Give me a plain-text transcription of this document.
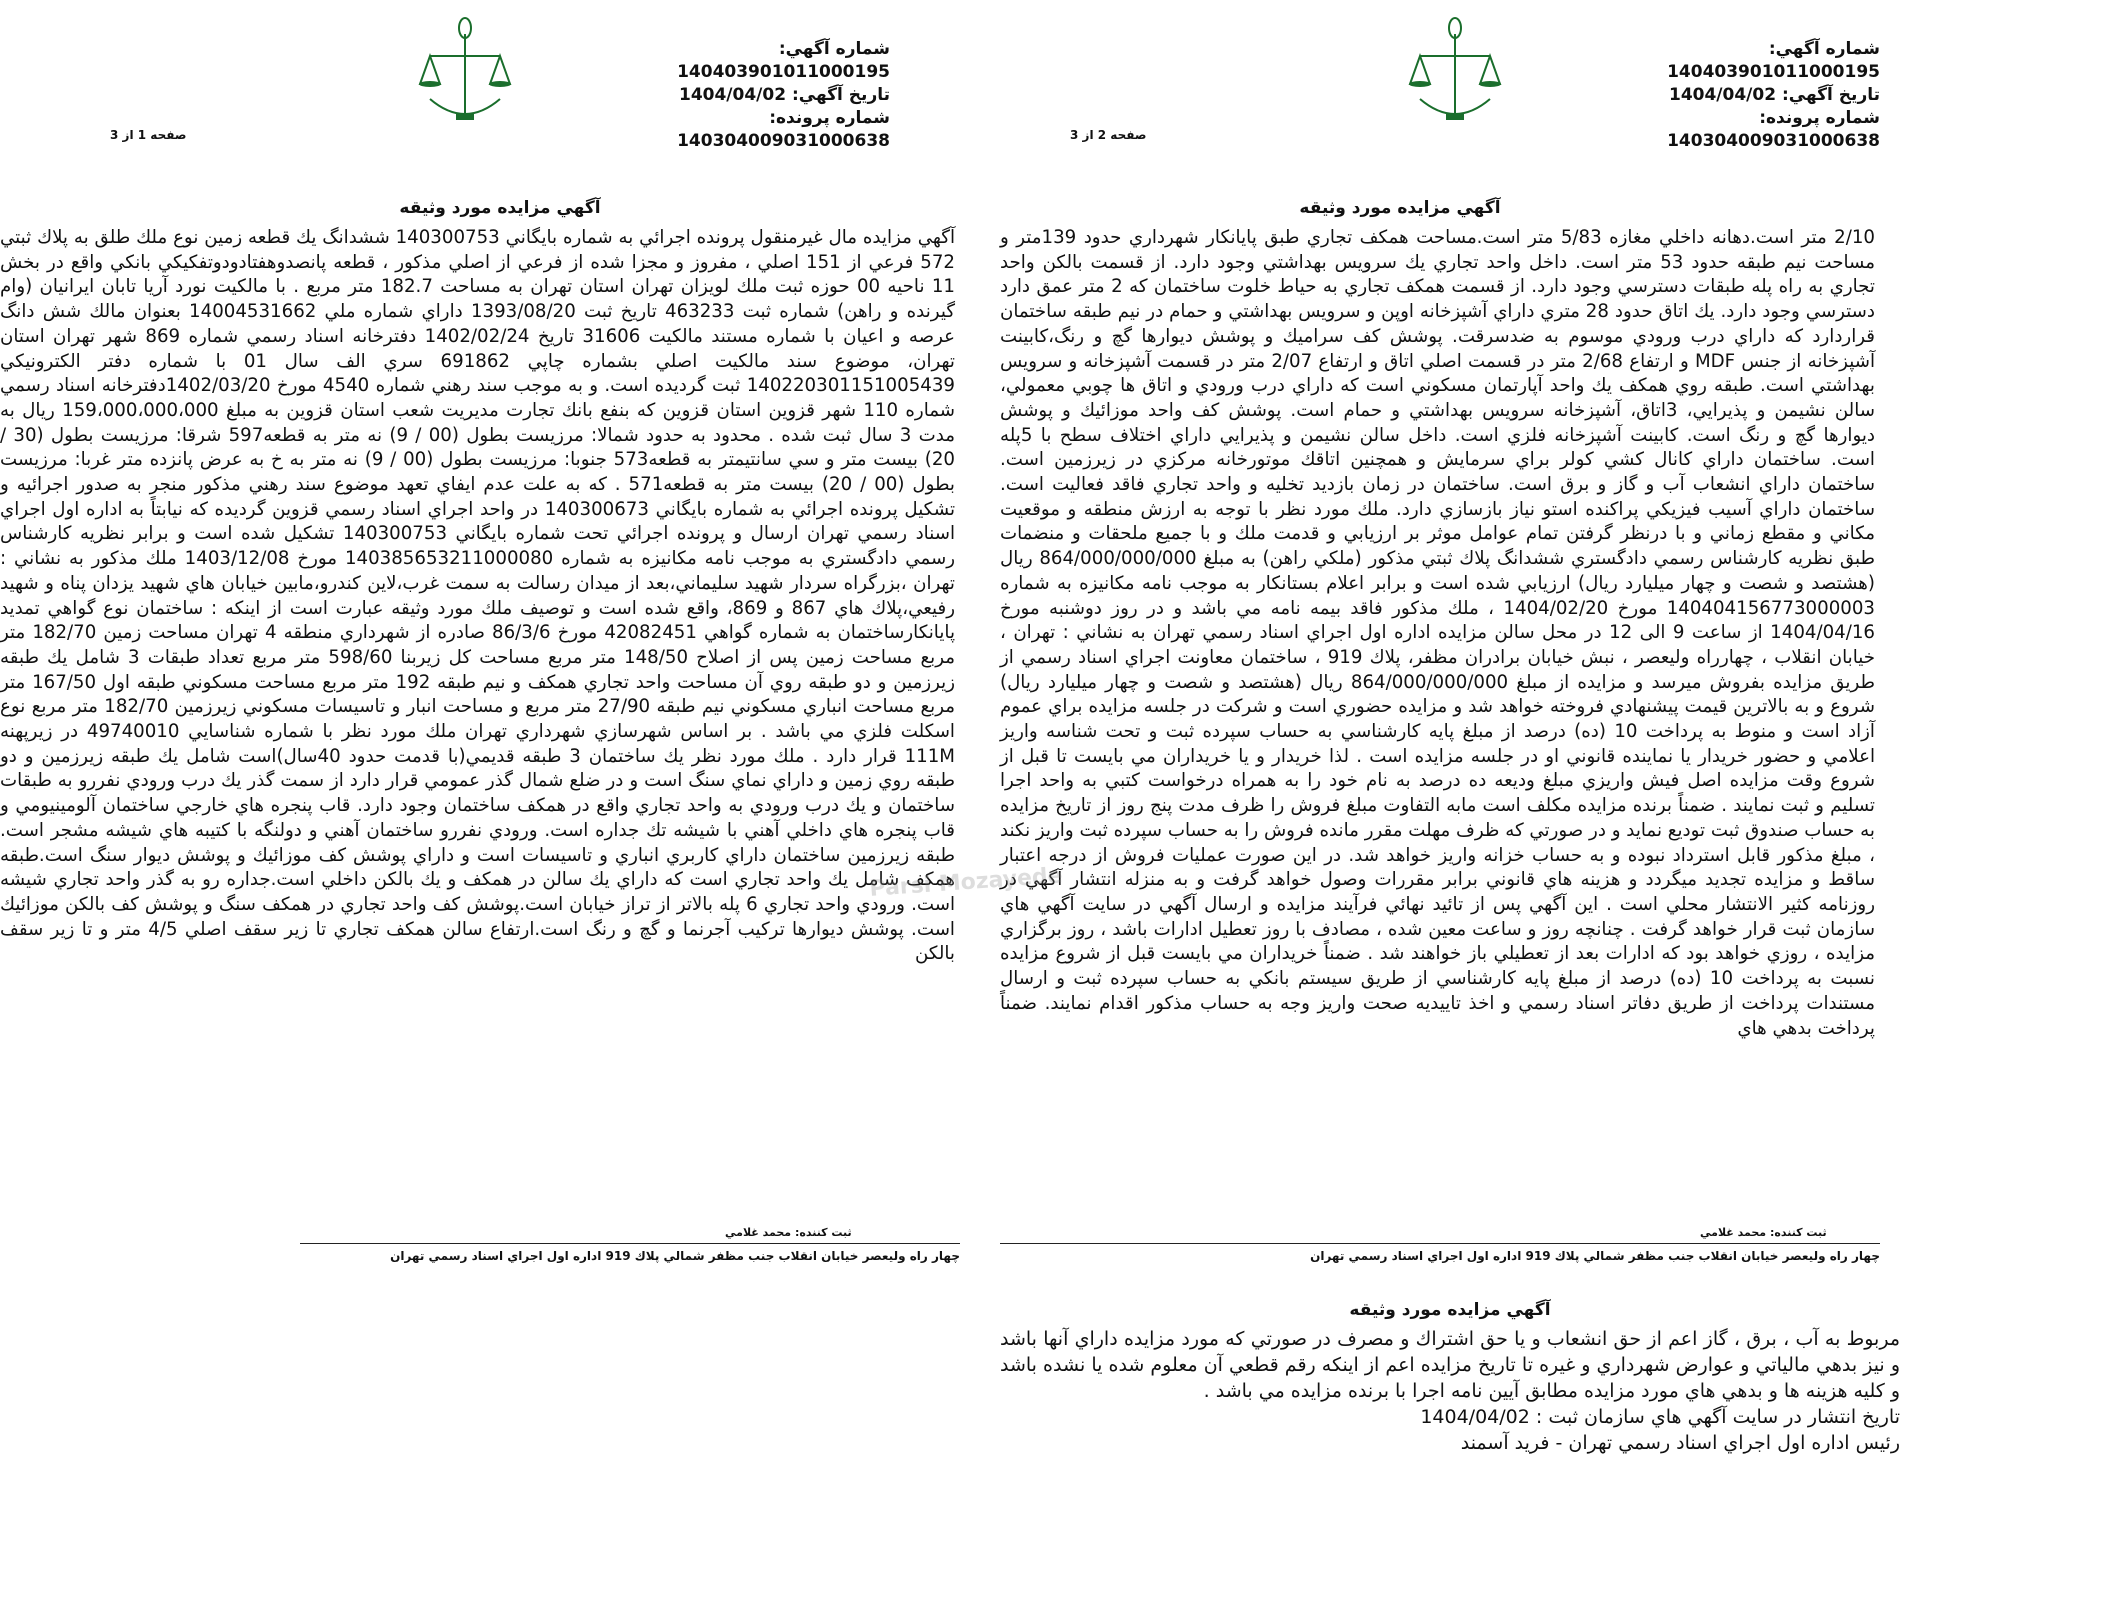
شماره آگهي: 140403901011000195
تاريخ آگهي: 1404/04/02
شماره پرونده: 140304009031000638
صفحه 1 از 3
آگهي مزايده مورد وثيقه
آگهي مزايده مال غيرمنقول پرونده اجرائي به شماره بايگاني 140300753 ششدانگ يك قطعه زمين نوع ملك طلق به پلاك ثبتي 572 فرعي از 151 اصلي ، مفروز و مجزا شده از فرعي از اصلي مذكور ، قطعه پانصدوهفتادودوتفكيكي بانكي واقع در بخش 11 ناحيه 00 حوزه ثبت ملك لويزان تهران استان تهران به مساحت 182.7 متر مربع . با مالكيت نورد آريا تابان ايرانيان (وام گيرنده و راهن) شماره ثبت 463233 تاريخ ثبت 1393/08/20 داراي شماره ملي 14004531662 بعنوان مالك شش دانگ عرصه و اعيان با شماره مستند مالكيت 31606 تاريخ 1402/02/24 دفترخانه اسناد رسمي شماره 869 شهر تهران استان تهران، موضوع سند مالكيت اصلي بشماره چاپي 691862 سري الف سال 01 با شماره دفتر الكترونيكي 140220301151005439 ثبت گرديده است. و به موجب سند رهني شماره 4540 مورخ 1402/03/20دفترخانه اسناد رسمي شماره 110 شهر قزوين استان قزوين كه بنفع بانك تجارت مديريت شعب استان قزوين به مبلغ 159،000،000،000 ريال به مدت 3 سال ثبت شده . محدود به حدود شمالا: مرزيست بطول (00 / 9) نه متر به قطعه597 شرقا: مرزيست بطول (30 / 20) بيست متر و سي سانتيمتر به قطعه573 جنوبا: مرزيست بطول (00 / 9) نه متر به خ به عرض پانزده متر غربا: مرزيست بطول (00 / 20) بيست متر به قطعه571 . كه به علت عدم ايفاي تعهد موضوع سند رهني مذكور منجر به صدور اجرائيه و تشكيل پرونده اجرائي به شماره بايگاني 140300673 در واحد اجراي اسناد رسمي قزوين گرديده كه نيابتاً به اداره اول اجراي اسناد رسمي تهران ارسال و پرونده اجرائي تحت شماره بايگاني 140300753 تشكيل شده است و برابر نظريه كارشناس رسمي دادگستري به موجب نامه مكانيزه به شماره 140385653211000080 مورخ 1403/12/08 ملك مذكور به نشاني : تهران ،بزرگراه سردار شهيد سليماني،بعد از ميدان رسالت به سمت غرب،لاين كندرو،مابين خيابان هاي شهيد يزدان پناه و شهيد رفيعي،پلاك هاي 867 و 869، واقع شده است و توصيف ملك مورد وثيقه عبارت است از اينكه : ساختمان نوع گواهي تمديد پايانكارساختمان به شماره گواهي 42082451 مورخ 86/3/6 صادره از شهرداري منطقه 4 تهران مساحت زمين 182/70 متر مربع مساحت زمين پس از اصلاح 148/50 متر مربع مساحت كل زيربنا 598/60 متر مربع تعداد طبقات 3 شامل يك طبقه زيرزمين و دو طبقه روي آن مساحت واحد تجاري همكف و نيم طبقه 192 متر مربع مساحت مسكوني طبقه اول 167/50 متر مربع مساحت انباري مسكوني نيم طبقه 27/90 متر مربع و مساحت انبار و تاسيسات مسكوني زيرزمين 182/70 متر مربع نوع اسكلت فلزي مي باشد . بر اساس شهرسازي شهرداري تهران ملك مورد نظر با شماره شناسايي 49740010 در زيرپهنه 111M قرار دارد . ملك مورد نظر يك ساختمان 3 طبقه قديمي(با قدمت حدود 40سال)است شامل يك طبقه زيرزمين و دو طبقه روي زمين و داراي نماي سنگ است و در ضلع شمال گذر عمومي قرار دارد از سمت گذر يك درب ورودي نفررو به طبقات ساختمان و يك درب ورودي به واحد تجاري واقع در همكف ساختمان وجود دارد. قاب پنجره هاي خارجي ساختمان آلومينيومي و قاب پنجره هاي داخلي آهني با شيشه تك جداره است. ورودي نفررو ساختمان آهني و دولنگه با كتيبه هاي شيشه مشجر است. طبقه زيرزمين ساختمان داراي كاربري انباري و تاسيسات است و داراي پوشش كف موزائيك و پوشش ديوار سنگ است.طبقه همكف شامل يك واحد تجاري است كه داراي يك سالن در همكف و يك بالكن داخلي است.جداره رو به گذر واحد تجاري شيشه است. ورودي واحد تجاري 6 پله بالاتر از تراز خيابان است.پوشش كف واحد تجاري در همكف سنگ و پوشش كف بالكن موزائيك است. پوشش ديوارها تركيب آجرنما و گچ و رنگ است.ارتفاع سالن همكف تجاري تا زير سقف اصلي 4/5 متر و تا زير سقف بالكن
ثبت كننده: محمد غلامي
چهار راه وليعصر خيابان انقلاب جنب مظفر شمالي پلاك 919 اداره اول اجراي اسناد رسمي تهران
شماره آگهي: 140403901011000195
تاريخ آگهي: 1404/04/02
شماره پرونده: 140304009031000638
صفحه 2 از 3
آگهي مزايده مورد وثيقه
2/10 متر است.دهانه داخلي مغازه 5/83 متر است.مساحت همكف تجاري طبق پايانكار شهرداري حدود 139متر و مساحت نيم طبقه حدود 53 متر است. داخل واحد تجاري يك سرويس بهداشتي وجود دارد. از قسمت بالكن واحد تجاري به راه پله طبقات دسترسي وجود دارد. از قسمت همكف تجاري به حياط خلوت ساختمان كه 2 متر عمق دارد دسترسي وجود دارد. يك اتاق حدود 28 متري داراي آشپزخانه اوپن و سرويس بهداشتي و حمام در نيم طبقه ساختمان قراردارد كه داراي درب ورودي موسوم به ضدسرقت. پوشش كف سراميك و پوشش ديوارها گچ و رنگ،كابينت آشپزخانه از جنس MDF و ارتفاع 2/68 متر در قسمت اصلي اتاق و ارتفاع 2/07 متر در قسمت آشپزخانه و سرويس بهداشتي است. طبقه روي همكف يك واحد آپارتمان مسكوني است كه داراي درب ورودي و اتاق ها چوبي معمولي، سالن نشيمن و پذيرايي، 3اتاق، آشپزخانه سرويس بهداشتي و حمام است. پوشش كف واحد موزائيك و پوشش ديوارها گچ و رنگ است. كابينت آشپزخانه فلزي است. داخل سالن نشيمن و پذيرايي داراي اختلاف سطح با 5پله است. ساختمان داراي كانال كشي كولر براي سرمايش و همچنين اتاقك موتورخانه مركزي در زيرزمين است. ساختمان داراي انشعاب آب و گاز و برق است. ساختمان در زمان بازديد تخليه و واحد تجاري فاقد فعاليت است. ساختمان داراي آسيب فيزيكي پراكنده استو نياز بازسازي دارد. ملك مورد نظر با توجه به ارزش منطقه و موقعيت مكاني و مقطع زماني و با درنظر گرفتن تمام عوامل موثر بر ارزيابي و قدمت ملك و با جميع ملحقات و منضمات طبق نظريه كارشناس رسمي دادگستري ششدانگ پلاك ثبتي مذكور (ملكي راهن) به مبلغ 864/000/000/000 ريال (هشتصد و شصت و چهار ميليارد ريال) ارزيابي شده است و برابر اعلام بستانكار به موجب نامه مكانيزه به شماره 140404156773000003 مورخ 1404/02/20 ، ملك مذكور فاقد بيمه نامه مي باشد و در روز دوشنبه مورخ 1404/04/16 از ساعت 9 الى 12 در محل سالن مزايده اداره اول اجراي اسناد رسمي تهران به نشاني : تهران ، خيابان انقلاب ، چهارراه وليعصر ، نبش خيابان برادران مظفر، پلاك 919 ، ساختمان معاونت اجراي اسناد رسمي از طريق مزايده بفروش ميرسد و مزايده از مبلغ 864/000/000/000 ريال (هشتصد و شصت و چهار ميليارد ريال) شروع و به بالاترين قيمت پيشنهادي فروخته خواهد شد و مزايده حضوري است و شركت در جلسه مزايده براي عموم آزاد است و منوط به پرداخت 10 (ده) درصد از مبلغ پايه كارشناسي به حساب سپرده ثبت و تحت شناسه واريز اعلامي و حضور خريدار يا نماينده قانوني او در جلسه مزايده است . لذا خريدار و يا خريداران مي بايست تا قبل از شروع وقت مزايده اصل فيش واريزي مبلغ وديعه ده درصد به نام خود را به همراه درخواست كتبي به واحد اجرا تسليم و ثبت نمايند . ضمناً برنده مزايده مكلف است مابه التفاوت مبلغ فروش را ظرف مدت پنج روز از تاريخ مزايده به حساب صندوق ثبت توديع نمايد و در صورتي كه ظرف مهلت مقرر مانده فروش را به حساب سپرده ثبت واريز نكند ، مبلغ مذكور قابل استرداد نبوده و به حساب خزانه واريز خواهد شد. در اين صورت عمليات فروش از درجه اعتبار ساقط و مزايده تجديد ميگردد و هزينه هاي قانوني برابر مقررات وصول خواهد گرفت و به منزله انتشار آگهي در روزنامه كثير الانتشار محلي است . اين آگهي پس از تائيد نهائي فرآيند مزايده و ارسال آگهي در سايت آگهي هاي سازمان ثبت قرار خواهد گرفت . چنانچه روز و ساعت معين شده ، مصادف با روز تعطيل ادارات باشد ، روز برگزاري مزايده ، روزي خواهد بود كه ادارات بعد از تعطيلي باز خواهند شد . ضمناً خريداران مي بايست قبل از شروع مزايده نسبت به پرداخت 10 (ده) درصد از مبلغ پايه كارشناسي از طريق سيستم بانكي به حساب سپرده ثبت و ارسال مستندات پرداخت از طريق دفاتر اسناد رسمي و اخذ تاييديه صحت واريز وجه به حساب مذكور اقدام نمايند. ضمناً پرداخت بدهي هاي
ثبت كننده: محمد غلامي
چهار راه وليعصر خيابان انقلاب جنب مظفر شمالي پلاك 919 اداره اول اجراي اسناد رسمي تهران
آگهي مزايده مورد وثيقه
مربوط به آب ، برق ، گاز اعم از حق انشعاب و يا حق اشتراك و مصرف در صورتي كه مورد مزايده داراي آنها باشد و نيز بدهي مالياتي و عوارض شهرداري و غيره تا تاريخ مزايده اعم از اينكه رقم قطعي آن معلوم شده يا نشده باشد و كليه هزينه ها و بدهي هاي مورد مزايده مطابق آيين نامه اجرا با برنده مزايده مي باشد .
تاريخ انتشار در سايت آگهي هاي سازمان ثبت : 1404/04/02
رئيس اداره اول اجراي اسناد رسمي تهران - فريد آسمند
Parsi Mozayede
